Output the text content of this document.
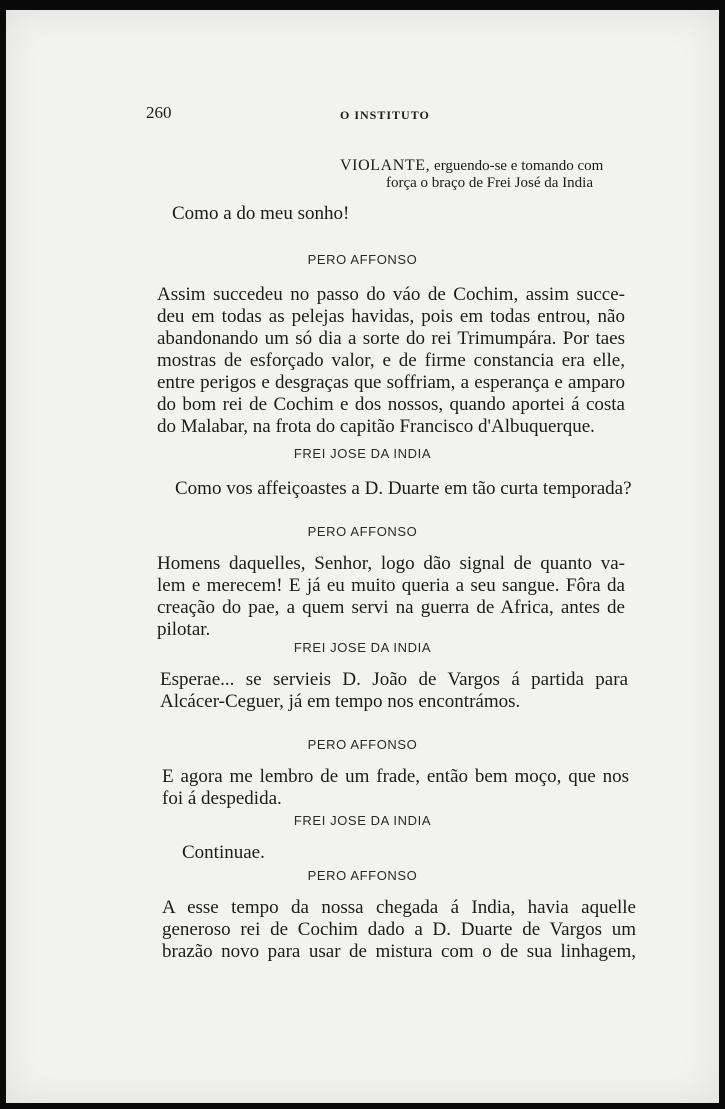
260	O INSTITUTO
VIOLANTE, erguendo-se e tomando com
força o braço de Frei José da India
Como a do meu sonho!
PERO AFFONSO
Assim succedeu no passo do váo de Cochim, assim succe-
deu em todas as pelejas havidas, pois em todas entrou, não
abandonando um só dia a sorte do rei Trimumpára. Por taes
mostras de esforçado valor, e de firme constancia era elle,
entre perigos e desgraças que soffriam, a esperança e amparo
do bom rei de Cochim e dos nossos, quando aportei á costa
do Malabar, na frota do capitão Francisco d'Albuquerque.
FREI JOSE DA INDIA
Como vos affeiçoastes a D. Duarte em tão curta temporada?
PERO AFFONSO
Homens daquelles, Senhor, logo dão signal de quanto va-
lem e merecem! E já eu muito queria a seu sangue. Fôra da
creação do pae, a quem servi na guerra de Africa, antes de
pilotar.
FREI JOSE DA INDIA
Esperae... se servieis D. João de Vargos á partida para
Alcácer-Ceguer, já em tempo nos encontrámos.
PERO AFFONSO
E agora me lembro de um frade, então bem moço, que nos
foi á despedida.
FREI JOSE DA INDIA
Continuae.
PERO AFFONSO
A esse tempo da nossa chegada á India, havia aquelle
generoso rei de Cochim dado a D. Duarte de Vargos um
brazão novo para usar de mistura com o de sua linhagem,
